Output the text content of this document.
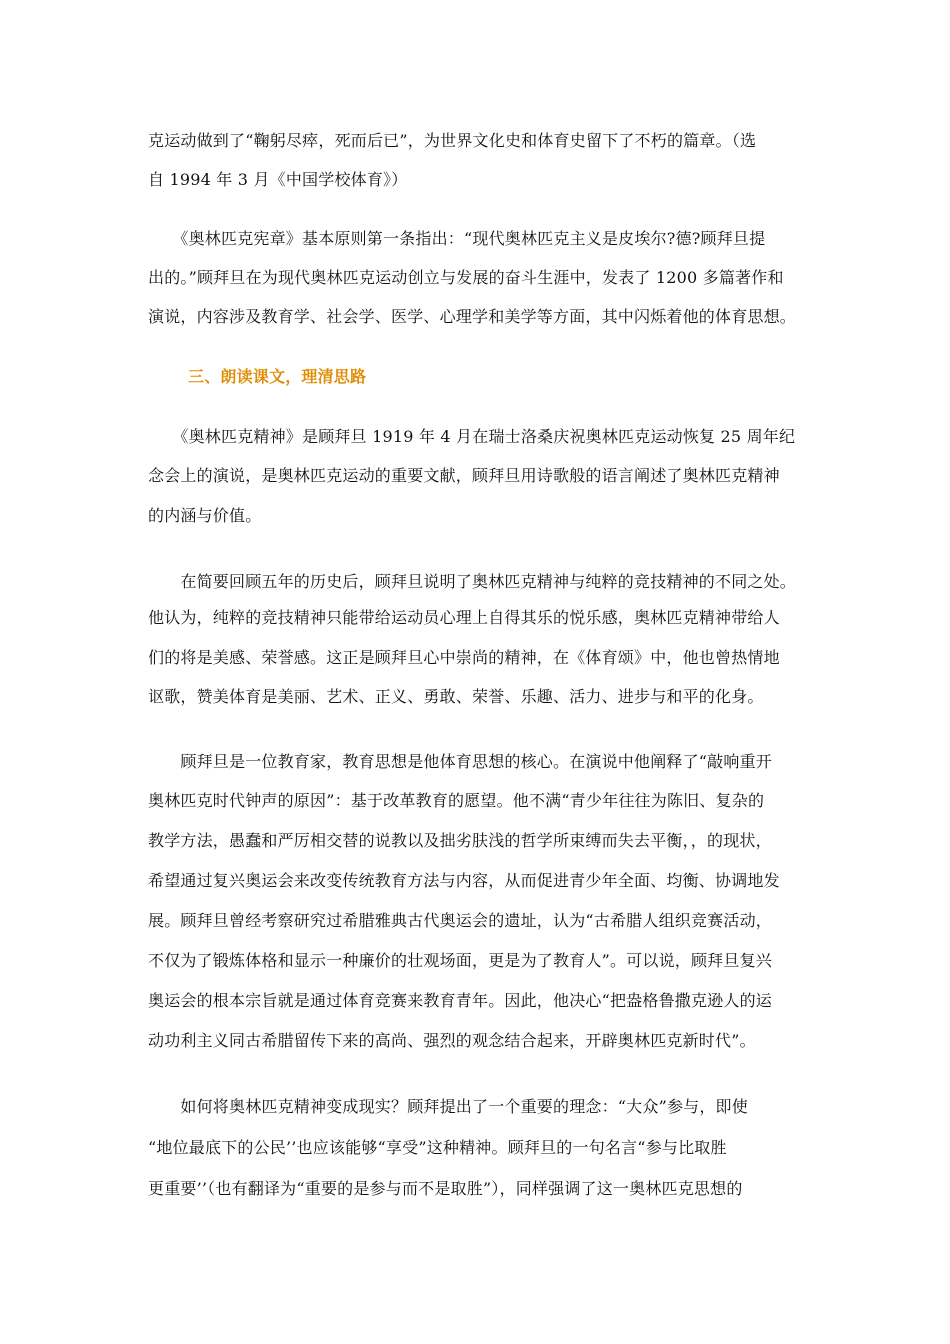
克运动做到了“鞠躬尽瘁，死而后已”，为世界文化史和体育史留下了不朽的篇章。（选
自 1994 年 3 月《中国学校体育》）
　　《奥林匹克宪章》基本原则第一条指出：“现代奥林匹克主义是皮埃尔?德?顾拜旦提
出的。”顾拜旦在为现代奥林匹克运动创立与发展的奋斗生涯中，发表了 1200 多篇著作和
演说，内容涉及教育学、社会学、医学、心理学和美学等方面，其中闪烁着他的体育思想。
三、朗读课文，理清思路
　　《奥林匹克精神》是顾拜旦 1919 年 4 月在瑞士洛桑庆祝奥林匹克运动恢复 25 周年纪
念会上的演说，是奥林匹克运动的重要文献，顾拜旦用诗歌般的语言阐述了奥林匹克精神
的内涵与价值。
　　在简要回顾五年的历史后，顾拜旦说明了奥林匹克精神与纯粹的竞技精神的不同之处。
他认为，纯粹的竞技精神只能带给运动员心理上自得其乐的悦乐感，奥林匹克精神带给人
们的将是美感、荣誉感。这正是顾拜旦心中崇尚的精神，在《体育颂》中，他也曾热情地
讴歌，赞美体育是美丽、艺术、正义、勇敢、荣誉、乐趣、活力、进步与和平的化身。
　　顾拜旦是一位教育家，教育思想是他体育思想的核心。在演说中他阐释了“敲响重开
奥林匹克时代钟声的原因”：基于改革教育的愿望。他不满“青少年往往为陈旧、复杂的
教学方法，愚蠢和严厉相交替的说教以及拙劣肤浅的哲学所束缚而失去平衡，，的现状，
希望通过复兴奥运会来改变传统教育方法与内容，从而促进青少年全面、均衡、协调地发
展。顾拜旦曾经考察研究过希腊雅典古代奥运会的遗址，认为“古希腊人组织竞赛活动，
不仅为了锻炼体格和显示一种廉价的壮观场面，更是为了教育人”。可以说，顾拜旦复兴
奥运会的根本宗旨就是通过体育竞赛来教育青年。因此，他决心“把盎格鲁撒克逊人的运
动功利主义同古希腊留传下来的高尚、强烈的观念结合起来，开辟奥林匹克新时代”。
　　如何将奥林匹克精神变成现实？顾拜提出了一个重要的理念：“大众”参与，即使
“地位最底下的公民’’也应该能够“享受”这种精神。顾拜旦的一句名言“参与比取胜
更重要’’（也有翻译为“重要的是参与而不是取胜”），同样强调了这一奥林匹克思想的
